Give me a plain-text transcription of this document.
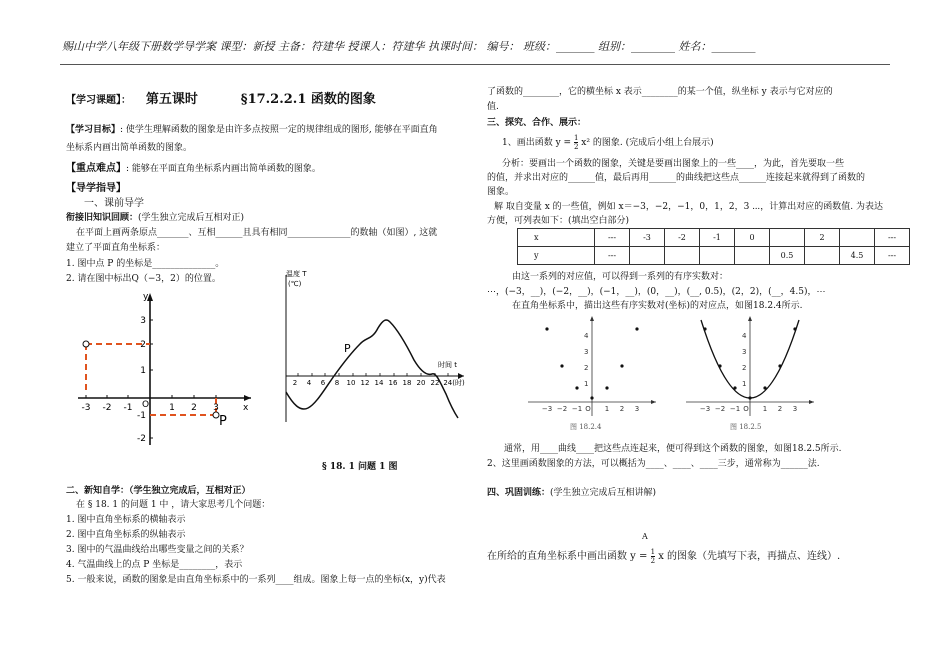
赐山中学八年级下册数学导学案 课型：新授 主备：符建华 授课人：符建华 执课时间： 编号： 班级：_______ 组别：________ 姓名：________
【学习课题】： 第五课时	§17.2.2.1 函数的图象
【学习目标】: 使学生理解函数的图象是由许多点按照一定的规律组成的图形, 能够在平面直角
坐标系内画出简单函数的图象。
【重点难点】: 能够在平面直角坐标系内画出简单函数的图象。
【导学指导】
一、课前导学
衔接旧知识回顾：(学生独立完成后互相对正)
在平面上画两条原点_______、互相______且具有相同______________的数轴（如图）, 这就
建立了平面直角坐标系：
1. 图中点 P 的坐标是______________。
2. 请在图中标出Q（−3，2）的位置。
y
x
O
P
-3 -2 -1	1 2 3
3
2
1
-1
-2
温度 T
(℃)
时间 t
P
2 4 6 8 10 12 14 16 18 20 22 24(时)
§ 18. 1 问题 1 图
二、新知自学：（学生独立完成后，互相对正）
在 § 18. 1 的问题 1 中 ，请大家思考几个问题：
1. 图中直角坐标系的横轴表示
2. 图中直角坐标系的纵轴表示
3. 图中的气温曲线给出哪些变量之间的关系？
4. 气温曲线上的点 P 坐标是________，表示
5. 一般来说，函数的图象是由直角坐标系中的一系列____组成。图象上每一点的坐标(x，y)代表
了函数的________，它的横坐标 x 表示________的某一个值，纵坐标 y 表示与它对应的
值.
三、探究、合作、展示：
1、画出函数 $y = \frac{1}{2} x^2$ 的图象. (完成后小组上台展示)
分析：要画出一个函数的图象，关键是要画出图象上的一些____，为此，首先要取一些
的值，并求出对应的______值，最后再用______的曲线把这些点______连接起来就得到了函数的
图象。
解 取自变量 x 的一些值，例如 x＝−3，−2，−1，0，1，2，3 ⋯，计算出对应的函数值. 为表达
方便，可列表如下：(填出空白部分)
x	---	-3	-2	-1	0		2		---
y	---					0.5		4.5	---
由这一系列的对应值，可以得到一系列的有序实数对：
⋯，(−3，__)，(−2，__)，(−1，__)，(0，__)，(__, 0.5)，(2，2)，(__，4.5)，⋯
在直角坐标系中，描出这些有序实数对(坐标)的对应点，如图18.2.4所示.
4
3
2
1
−3 −2 −1 O 1 2 3
图 18.2.4
4
3
2
1
−3 −2 −1 O 1 2 3
图 18.2.5
通常，用____曲线____把这些点连起来，便可得到这个函数的图象，如图18.2.5所示.
2、这里画函数图象的方法，可以概括为____、____、____三步，通常称为______法.
四、巩固训练：(学生独立完成后互相讲解)
A
在所给的直角坐标系中画出函数 $y = \frac{1}{2}$ x 的图象（先填写下表，再描点、连线）.
